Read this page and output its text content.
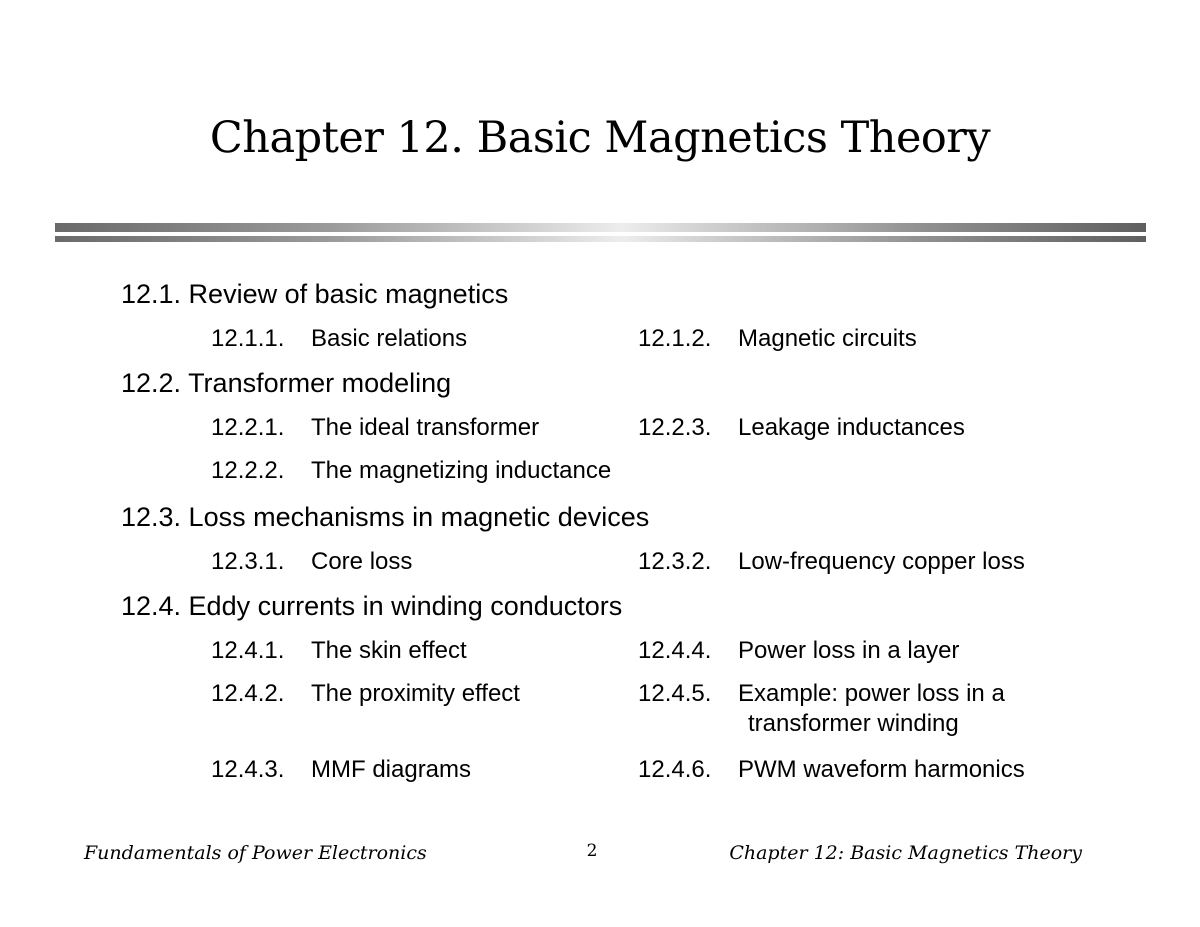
Chapter 12. Basic Magnetics Theory
12.1. Review of basic magnetics
12.1.1. Basic relations	12.1.2. Magnetic circuits
12.2. Transformer modeling
12.2.1. The ideal transformer	12.2.3. Leakage inductances
12.2.2. The magnetizing inductance
12.3. Loss mechanisms in magnetic devices
12.3.1. Core loss	12.3.2. Low-frequency copper loss
12.4. Eddy currents in winding conductors
12.4.1. The skin effect	12.4.4. Power loss in a layer
12.4.2. The proximity effect	12.4.5. Example: power loss in a
transformer winding
12.4.3. MMF diagrams	12.4.6. PWM waveform harmonics
Fundamentals of Power Electronics	2	Chapter 12: Basic Magnetics Theory
